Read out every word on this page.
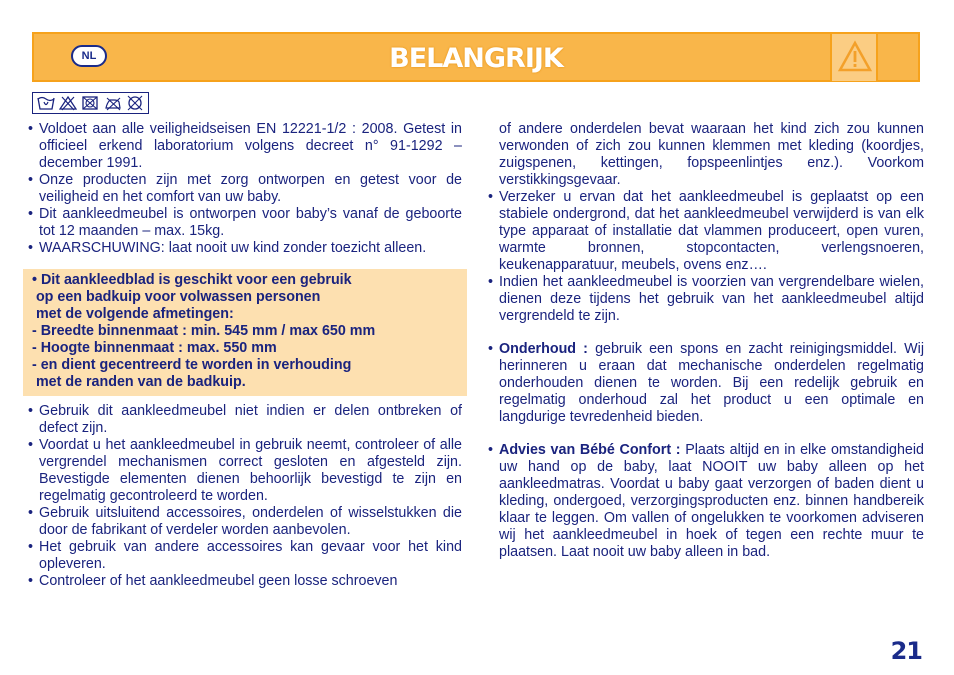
NL	BELANGRIJK
• Voldoet aan alle veiligheidseisen EN 12221-1/2 : 2008. Getest in officieel erkend laboratorium volgens decreet n° 91-1292 – december 1991.
• Onze producten zijn met zorg ontworpen en getest voor de veiligheid en het comfort van uw baby.
• Dit aankleedmeubel is ontworpen voor baby’s vanaf de geboorte tot 12 maanden – max. 15kg.
• WAARSCHUWING: laat nooit uw kind zonder toezicht alleen.
• Dit aankleedblad is geschikt voor een gebruik
op een badkuip voor volwassen personen
met de volgende afmetingen:
- Breedte binnenmaat : min. 545 mm / max 650 mm
- Hoogte binnenmaat : max. 550 mm
- en dient gecentreerd te worden in verhouding
met de randen van de badkuip.
• Gebruik dit aankleedmeubel niet indien er delen ontbreken of defect zijn.
• Voordat u het aankleedmeubel in gebruik neemt, controleer of alle vergrendel mechanismen correct gesloten en afgesteld zijn. Bevestigde elementen dienen behoorlijk bevestigd te zijn en regelmatig gecontroleerd te worden.
• Gebruik uitsluitend accessoires, onderdelen of wisselstukken die door de fabrikant of verdeler worden aanbevolen.
• Het gebruik van andere accessoires kan gevaar voor het kind opleveren.
• Controleer of het aankleedmeubel geen losse schroeven
of andere onderdelen bevat waaraan het kind zich zou kunnen verwonden of zich zou kunnen klemmen met kleding (koordjes, zuigspenen, kettingen, fopspeenlintjes enz.). Voorkom verstikkingsgevaar.
• Verzeker u ervan dat het aankleedmeubel is geplaatst op een stabiele ondergrond, dat het aankleedmeubel verwijderd is van elk type apparaat of installatie dat vlammen produceert, open vuren, warmte bronnen, stopcontacten, verlengsnoeren, keukenapparatuur, meubels, ovens enz….
• Indien het aankleedmeubel is voorzien van vergrendelbare wielen, dienen deze tijdens het gebruik van het aankleedmeubel altijd vergrendeld te zijn.
• Onderhoud : gebruik een spons en zacht reinigingsmiddel. Wij herinneren u eraan dat mechanische onderdelen regelmatig onderhouden dienen te worden. Bij een redelijk gebruik en regelmatig onderhoud zal het product u een optimale en langdurige tevredenheid bieden.
• Advies van Bébé Confort : Plaats altijd en in elke omstandigheid uw hand op de baby, laat NOOIT uw baby alleen op het aankleedmatras. Voordat u baby gaat verzorgen of baden dient u kleding, ondergoed, verzorgingsproducten enz. binnen handbereik klaar te leggen. Om vallen of ongelukken te voorkomen adviseren wij het aankleedmeubel in hoek of tegen een rechte muur te plaatsen. Laat nooit uw baby alleen in bad.
21
